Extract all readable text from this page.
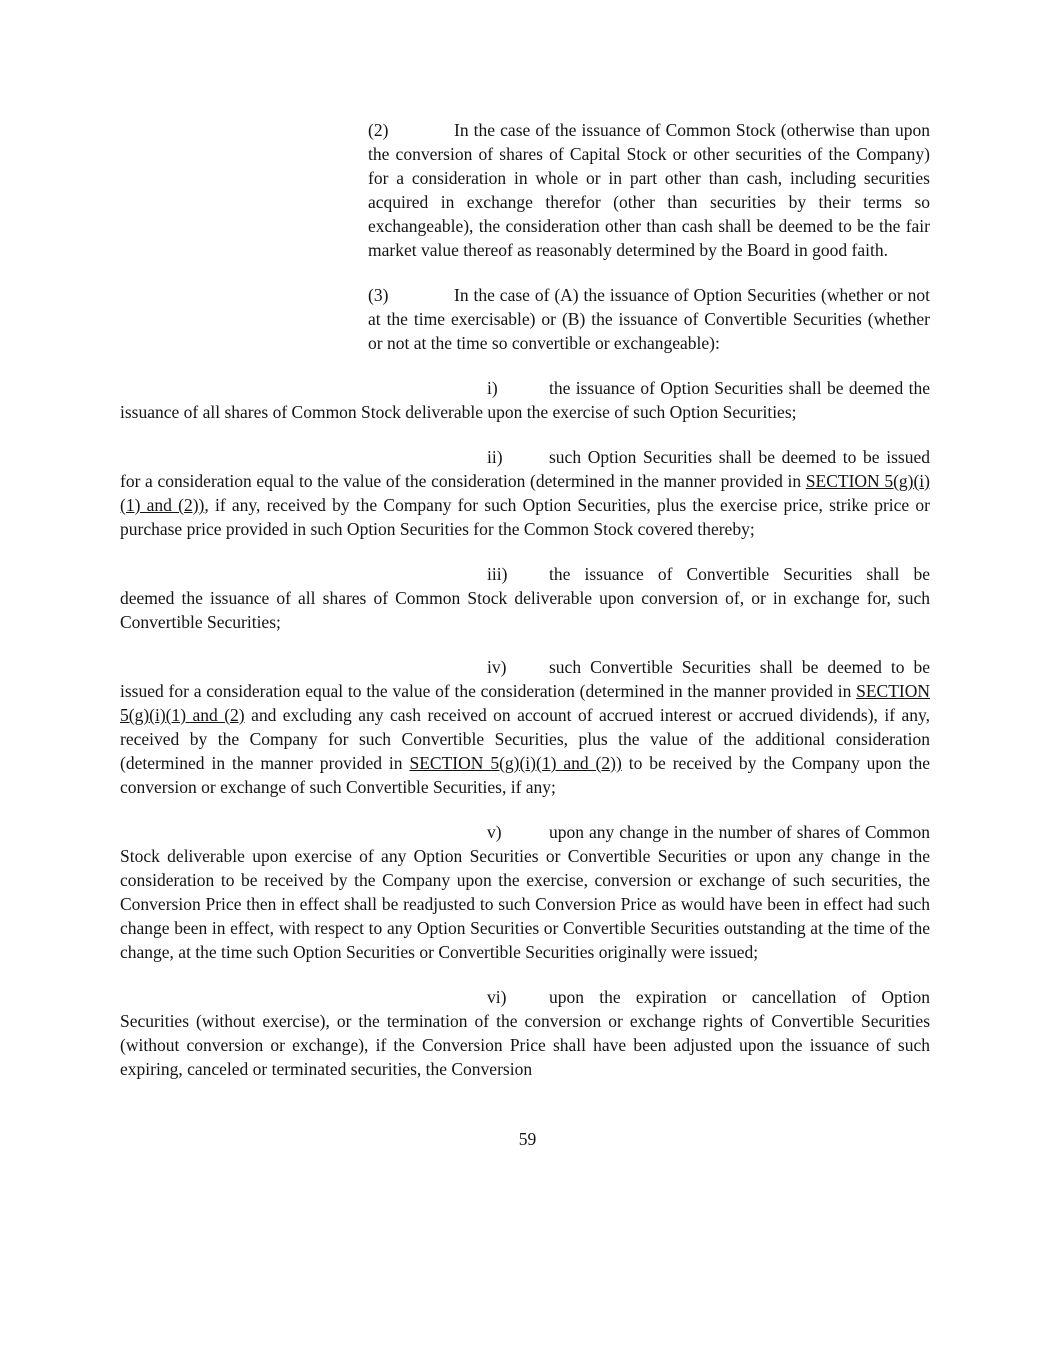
(2)	In the case of the issuance of Common Stock (otherwise than upon the conversion of shares of Capital Stock or other securities of the Company) for a consideration in whole or in part other than cash, including securities acquired in exchange therefor (other than securities by their terms so exchangeable), the consideration other than cash shall be deemed to be the fair market value thereof as reasonably determined by the Board in good faith.

(3)	In the case of (A) the issuance of Option Securities (whether or not at the time exercisable) or (B) the issuance of Convertible Securities (whether or not at the time so convertible or exchangeable):

i)	the issuance of Option Securities shall be deemed the issuance of all shares of Common Stock deliverable upon the exercise of such Option Securities;

ii)	such Option Securities shall be deemed to be issued for a consideration equal to the value of the consideration (determined in the manner provided in SECTION 5(g)(i)(1) and (2)), if any, received by the Company for such Option Securities, plus the exercise price, strike price or purchase price provided in such Option Securities for the Common Stock covered thereby;

iii) the issuance of Convertible Securities shall be deemed the issuance of all shares of Common Stock deliverable upon conversion of, or in exchange for, such Convertible Securities;

iv) such Convertible Securities shall be deemed to be issued for a consideration equal to the value of the consideration (determined in the manner provided in SECTION 5(g)(i)(1) and (2) and excluding any cash received on account of accrued interest or accrued dividends), if any, received by the Company for such Convertible Securities, plus the value of the additional consideration (determined in the manner provided in SECTION 5(g)(i)(1) and (2)) to be received by the Company upon the conversion or exchange of such Convertible Securities, if any;

v)	upon any change in the number of shares of Common Stock deliverable upon exercise of any Option Securities or Convertible Securities or upon any change in the consideration to be received by the Company upon the exercise, conversion or exchange of such securities, the Conversion Price then in effect shall be readjusted to such Conversion Price as would have been in effect had such change been in effect, with respect to any Option Securities or Convertible Securities outstanding at the time of the change, at the time such Option Securities or Convertible Securities originally were issued;

vi) upon the expiration or cancellation of Option Securities (without exercise), or the termination of the conversion or exchange rights of Convertible Securities (without conversion or exchange), if the Conversion Price shall have been adjusted upon the issuance of such expiring, canceled or terminated securities, the Conversion

59
